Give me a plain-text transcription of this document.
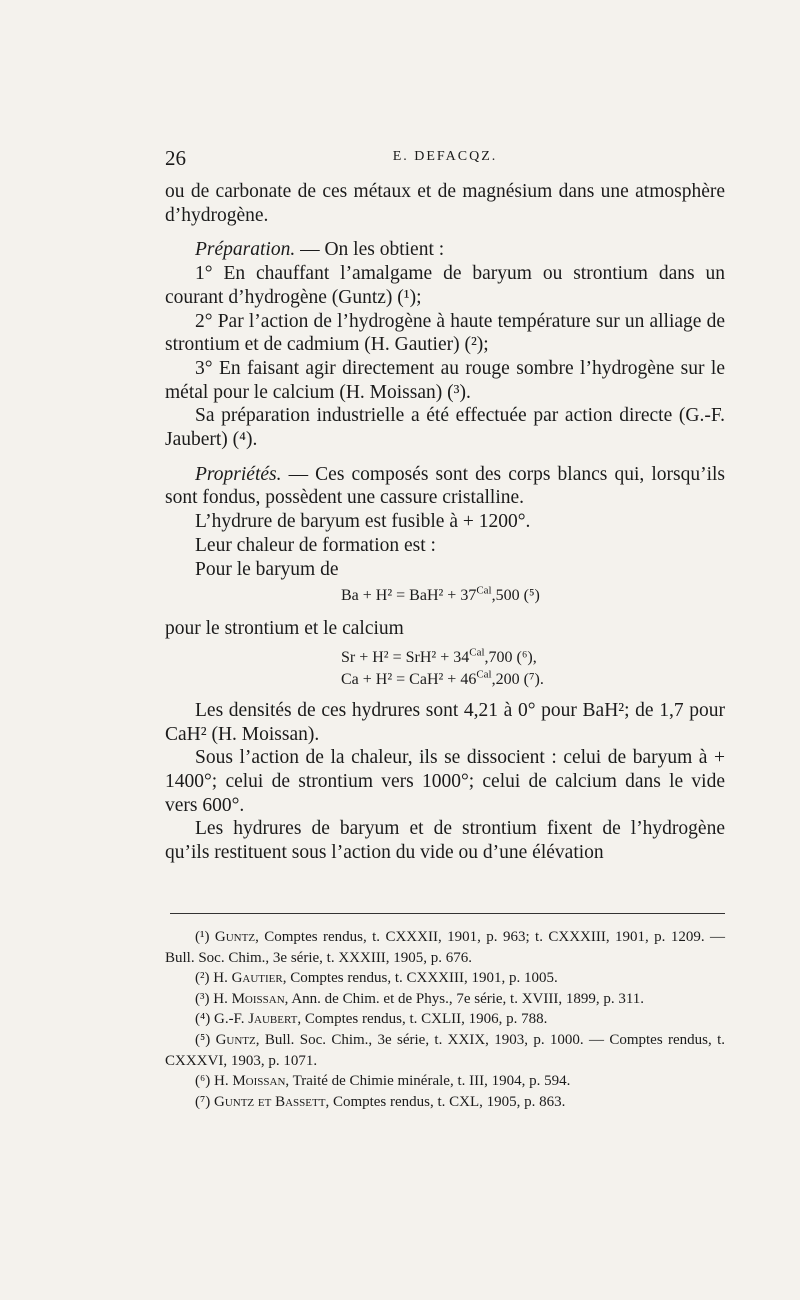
26	E. DEFACQZ.

ou de carbonate de ces métaux et de magnésium dans une atmosphère d’hydrogène.

Préparation. — On les obtient :

1° En chauffant l’amalgame de baryum ou strontium dans un courant d’hydrogène (Guntz) (¹);

2° Par l’action de l’hydrogène à haute température sur un alliage de strontium et de cadmium (H. Gautier) (²);

3° En faisant agir directement au rouge sombre l’hydrogène sur le métal pour le calcium (H. Moissan) (³).

Sa préparation industrielle a été effectuée par action directe (G.-F. Jaubert) (⁴).

Propriétés. — Ces composés sont des corps blancs qui, lorsqu’ils sont fondus, possèdent une cassure cristalline.

L’hydrure de baryum est fusible à + 1200°.

Leur chaleur de formation est :

Pour le baryum de

$Ba + H^2 = BaH^2 + 37^{Cal},500$ (⁵)

pour le strontium et le calcium

$Sr + H^2 = SrH^2 + 34^{Cal},700$ (⁶),
$Ca + H^2 = CaH^2 + 46^{Cal},200$ (⁷).

Les densités de ces hydrures sont 4,21 à 0° pour BaH²; de 1,7 pour CaH² (H. Moissan).

Sous l’action de la chaleur, ils se dissocient : celui de baryum à + 1400°; celui de strontium vers 1000°; celui de calcium dans le vide vers 600°.

Les hydrures de baryum et de strontium fixent de l’hydrogène qu’ils restituent sous l’action du vide ou d’une élévation

(¹) Guntz, Comptes rendus, t. CXXXII, 1901, p. 963; t. CXXXIII, 1901, p. 1209. — Bull. Soc. Chim., 3e série, t. XXXIII, 1905, p. 676.

(²) H. Gautier, Comptes rendus, t. CXXXIII, 1901, p. 1005.

(³) H. Moissan, Ann. de Chim. et de Phys., 7e série, t. XVIII, 1899, p. 311.

(⁴) G.-F. Jaubert, Comptes rendus, t. CXLII, 1906, p. 788.

(⁵) Guntz, Bull. Soc. Chim., 3e série, t. XXIX, 1903, p. 1000. — Comptes rendus, t. CXXXVI, 1903, p. 1071.

(⁶) H. Moissan, Traité de Chimie minérale, t. III, 1904, p. 594.

(⁷) Guntz et Bassett, Comptes rendus, t. CXL, 1905, p. 863.
